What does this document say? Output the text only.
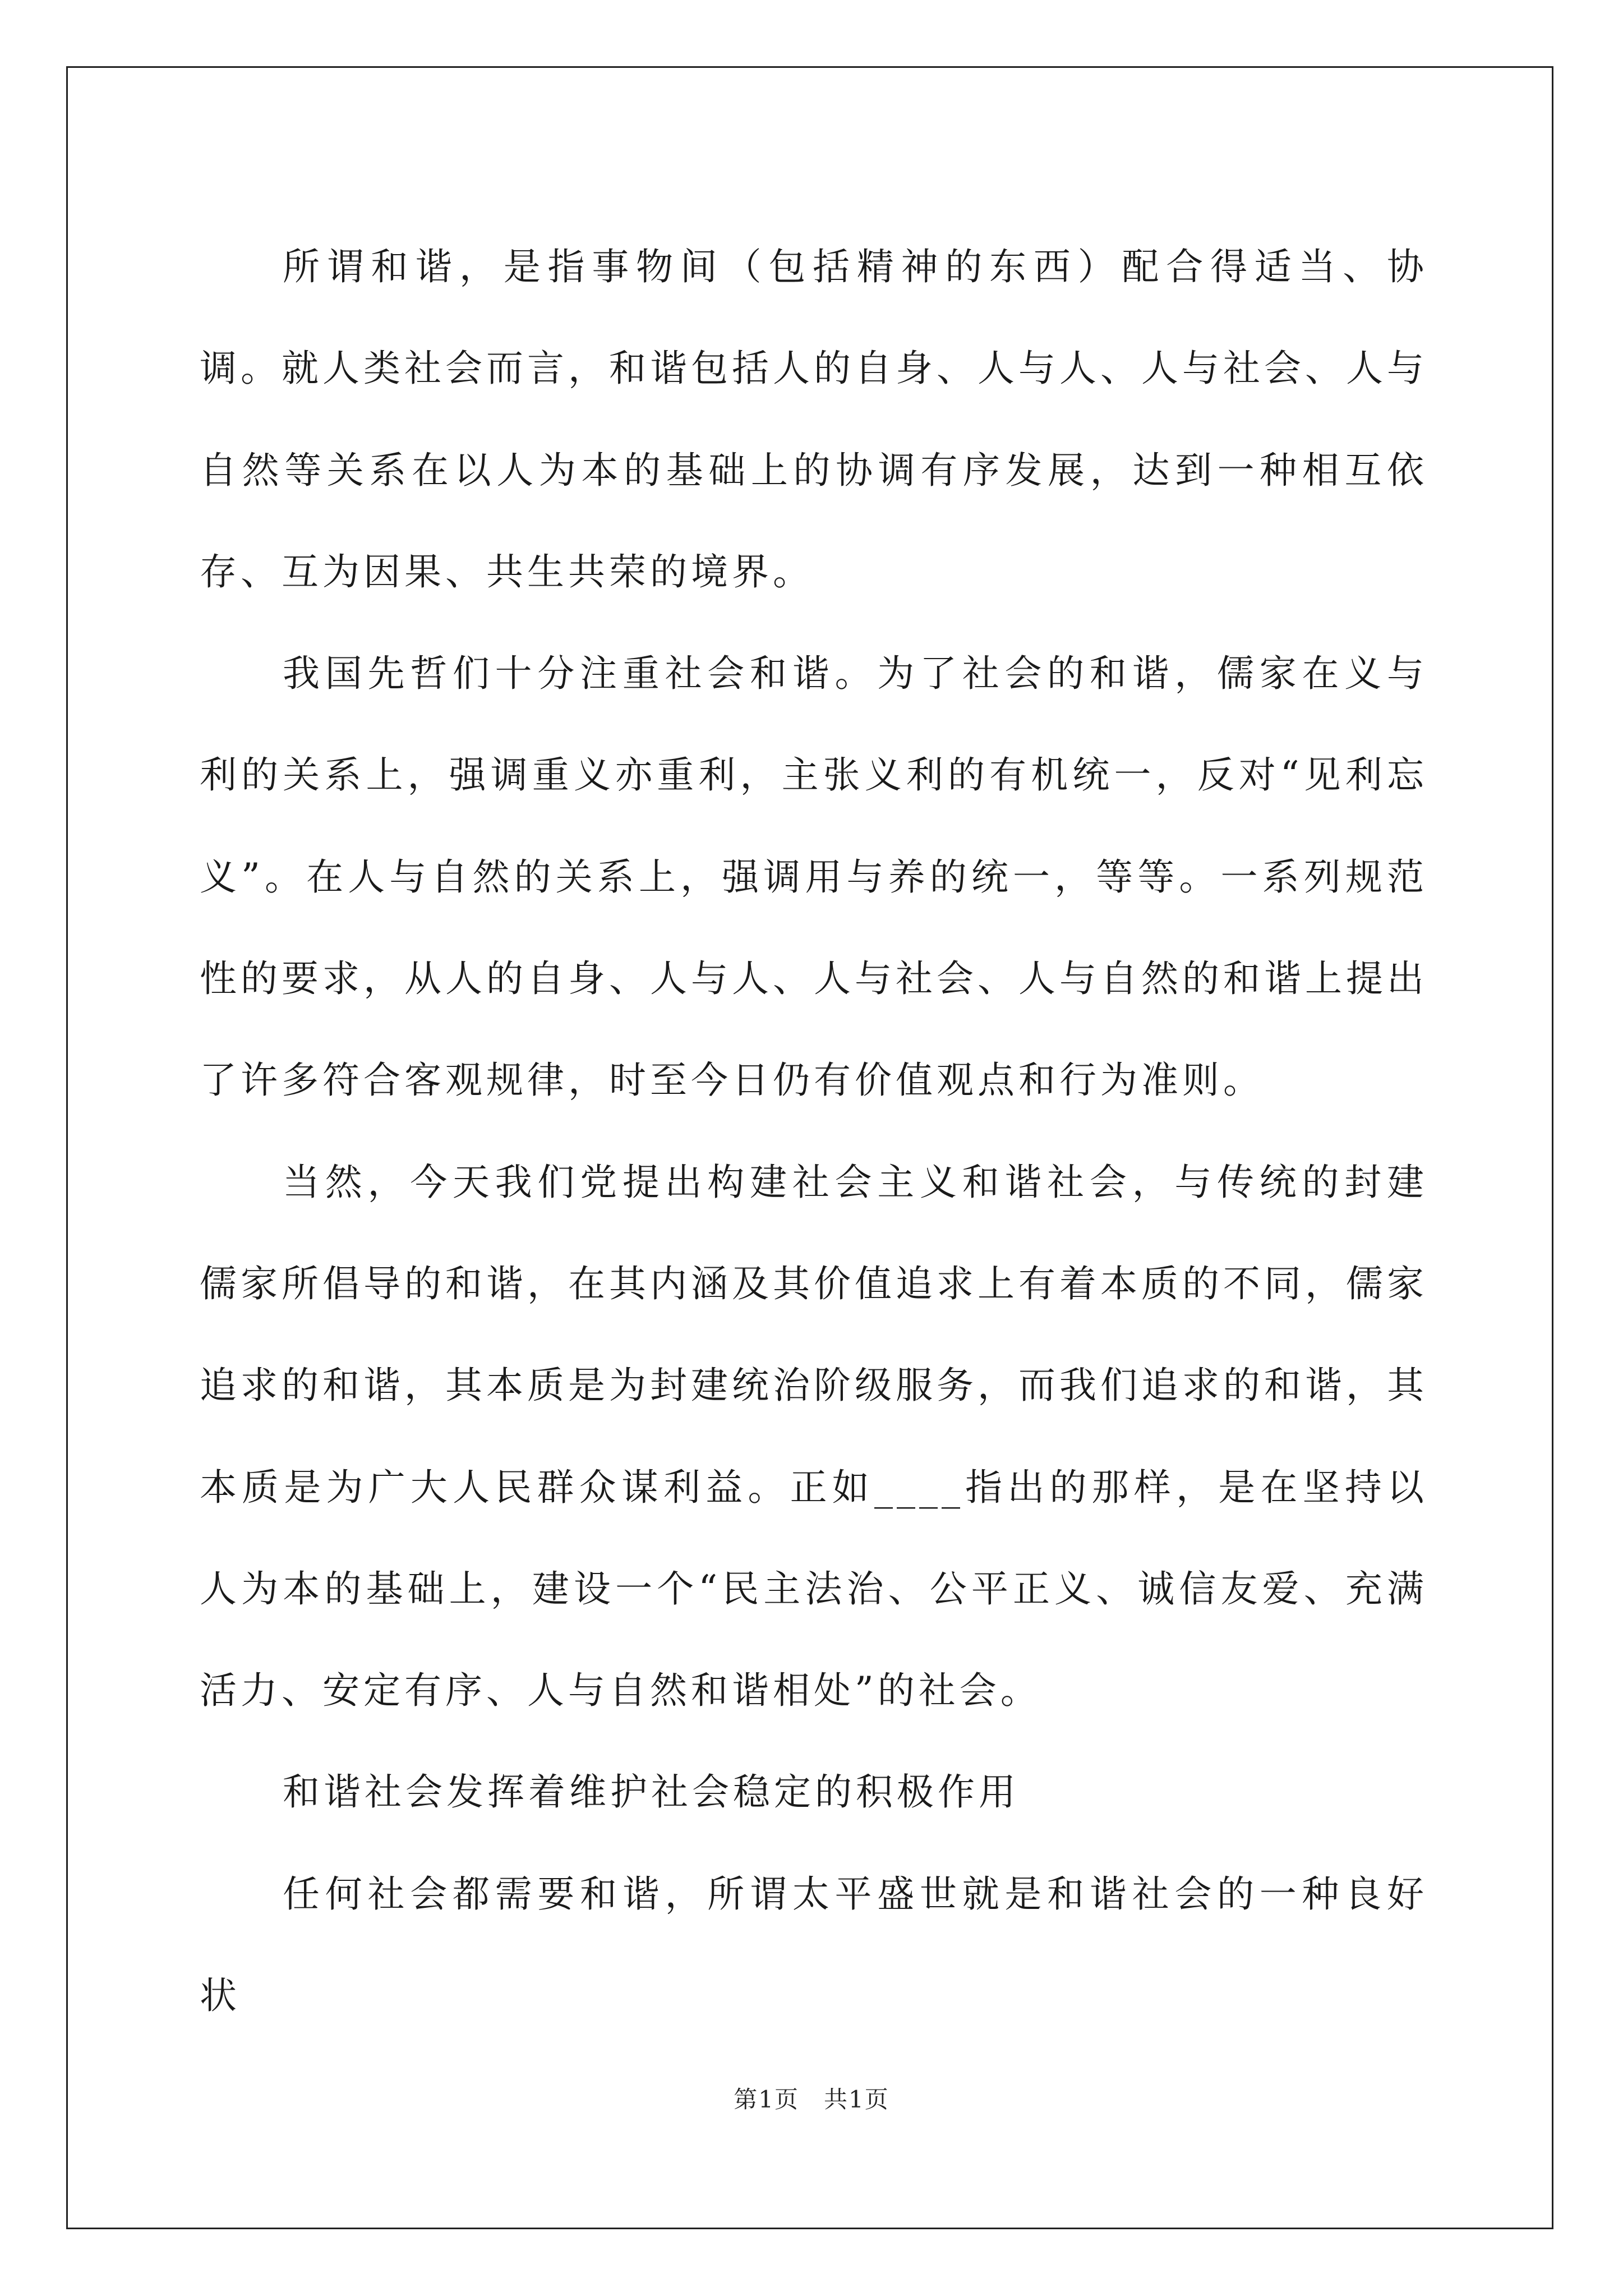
所谓和谐，是指事物间（包括精神的东西）配合得适当、协调。就人类社会而言，和谐包括人的自身、人与人、人与社会、人与自然等关系在以人为本的基础上的协调有序发展，达到一种相互依存、互为因果、共生共荣的境界。

我国先哲们十分注重社会和谐。为了社会的和谐，儒家在义与利的关系上，强调重义亦重利，主张义利的有机统一，反对“见利忘义”。在人与自然的关系上，强调用与养的统一，等等。一系列规范性的要求，从人的自身、人与人、人与社会、人与自然的和谐上提出了许多符合客观规律，时至今日仍有价值观点和行为准则。

当然，今天我们党提出构建社会主义和谐社会，与传统的封建儒家所倡导的和谐，在其内涵及其价值追求上有着本质的不同，儒家追求的和谐，其本质是为封建统治阶级服务，而我们追求的和谐，其本质是为广大人民群众谋利益。正如____指出的那样，是在坚持以人为本的基础上，建设一个“民主法治、公平正义、诚信友爱、充满活力、安定有序、人与自然和谐相处”的社会。

和谐社会发挥着维护社会稳定的积极作用

任何社会都需要和谐，所谓太平盛世就是和谐社会的一种良好状

第1页　共1页
